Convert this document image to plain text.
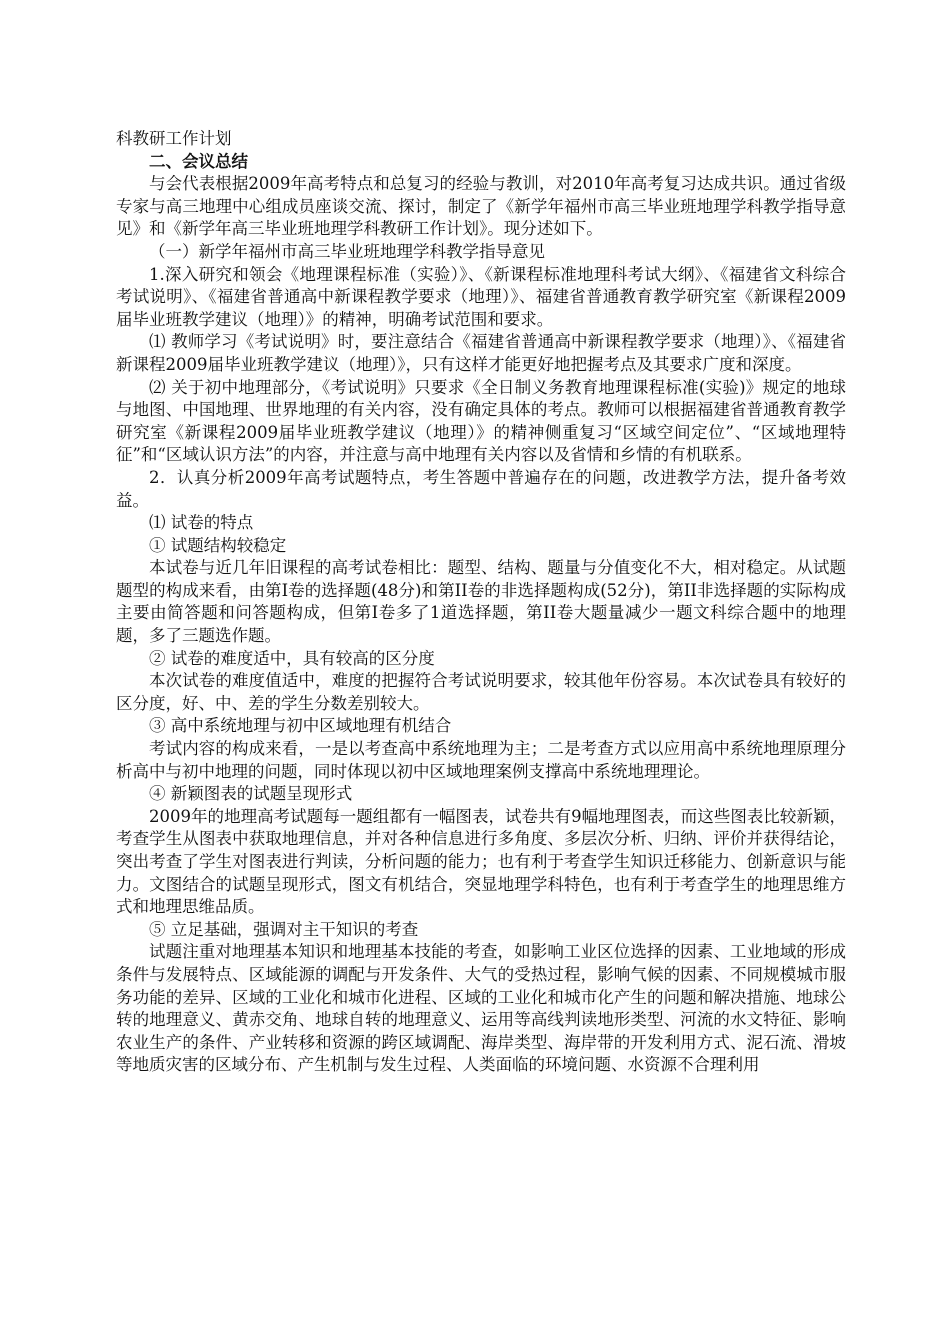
科教研工作计划

二、会议总结

与会代表根据2009年高考特点和总复习的经验与教训，对2010年高考复习达成共识。通过省级专家与高三地理中心组成员座谈交流、探讨，制定了《新学年福州市高三毕业班地理学科教学指导意见》和《新学年高三毕业班地理学科教研工作计划》。现分述如下。

（一）新学年福州市高三毕业班地理学科教学指导意见

1.深入研究和领会《地理课程标准（实验）》、《新课程标准地理科考试大纲》、《福建省文科综合考试说明》、《福建省普通高中新课程教学要求（地理）》、福建省普通教育教学研究室《新课程2009届毕业班教学建议（地理）》的精神，明确考试范围和要求。

⑴ 教师学习《考试说明》时，要注意结合《福建省普通高中新课程教学要求（地理）》、《福建省新课程2009届毕业班教学建议（地理）》，只有这样才能更好地把握考点及其要求广度和深度。

⑵ 关于初中地理部分，《考试说明》只要求《全日制义务教育地理课程标准(实验)》规定的地球与地图、中国地理、世界地理的有关内容，没有确定具体的考点。教师可以根据福建省普通教育教学研究室《新课程2009届毕业班教学建议（地理）》的精神侧重复习“区域空间定位”、“区域地理特征”和“区域认识方法”的内容，并注意与高中地理有关内容以及省情和乡情的有机联系。

2．认真分析2009年高考试题特点，考生答题中普遍存在的问题，改进教学方法，提升备考效益。

⑴ 试卷的特点

① 试题结构较稳定

本试卷与近几年旧课程的高考试卷相比：题型、结构、题量与分值变化不大，相对稳定。从试题题型的构成来看，由第Ⅰ卷的选择题(48分)和第II卷的非选择题构成(52分)，第II非选择题的实际构成主要由简答题和问答题构成，但第Ⅰ卷多了1道选择题，第II卷大题量减少一题文科综合题中的地理题，多了三题选作题。

② 试卷的难度适中，具有较高的区分度

本次试卷的难度值适中，难度的把握符合考试说明要求，较其他年份容易。本次试卷具有较好的区分度，好、中、差的学生分数差别较大。

③ 高中系统地理与初中区域地理有机结合

考试内容的构成来看，一是以考查高中系统地理为主；二是考查方式以应用高中系统地理原理分析高中与初中地理的问题，同时体现以初中区域地理案例支撑高中系统地理理论。

④ 新颖图表的试题呈现形式

2009年的地理高考试题每一题组都有一幅图表，试卷共有9幅地理图表，而这些图表比较新颖，考查学生从图表中获取地理信息，并对各种信息进行多角度、多层次分析、归纳、评价并获得结论，突出考查了学生对图表进行判读，分析问题的能力；也有利于考查学生知识迁移能力、创新意识与能力。文图结合的试题呈现形式，图文有机结合，突显地理学科特色，也有利于考查学生的地理思维方式和地理思维品质。

⑤ 立足基础，强调对主干知识的考查

试题注重对地理基本知识和地理基本技能的考查，如影响工业区位选择的因素、工业地域的形成条件与发展特点、区域能源的调配与开发条件、大气的受热过程，影响气候的因素、不同规模城市服务功能的差异、区域的工业化和城市化进程、区域的工业化和城市化产生的问题和解决措施、地球公转的地理意义、黄赤交角、地球自转的地理意义、运用等高线判读地形类型、河流的水文特征、影响农业生产的条件、产业转移和资源的跨区域调配、海岸类型、海岸带的开发利用方式、泥石流、滑坡等地质灾害的区域分布、产生机制与发生过程、人类面临的环境问题、水资源不合理利用
